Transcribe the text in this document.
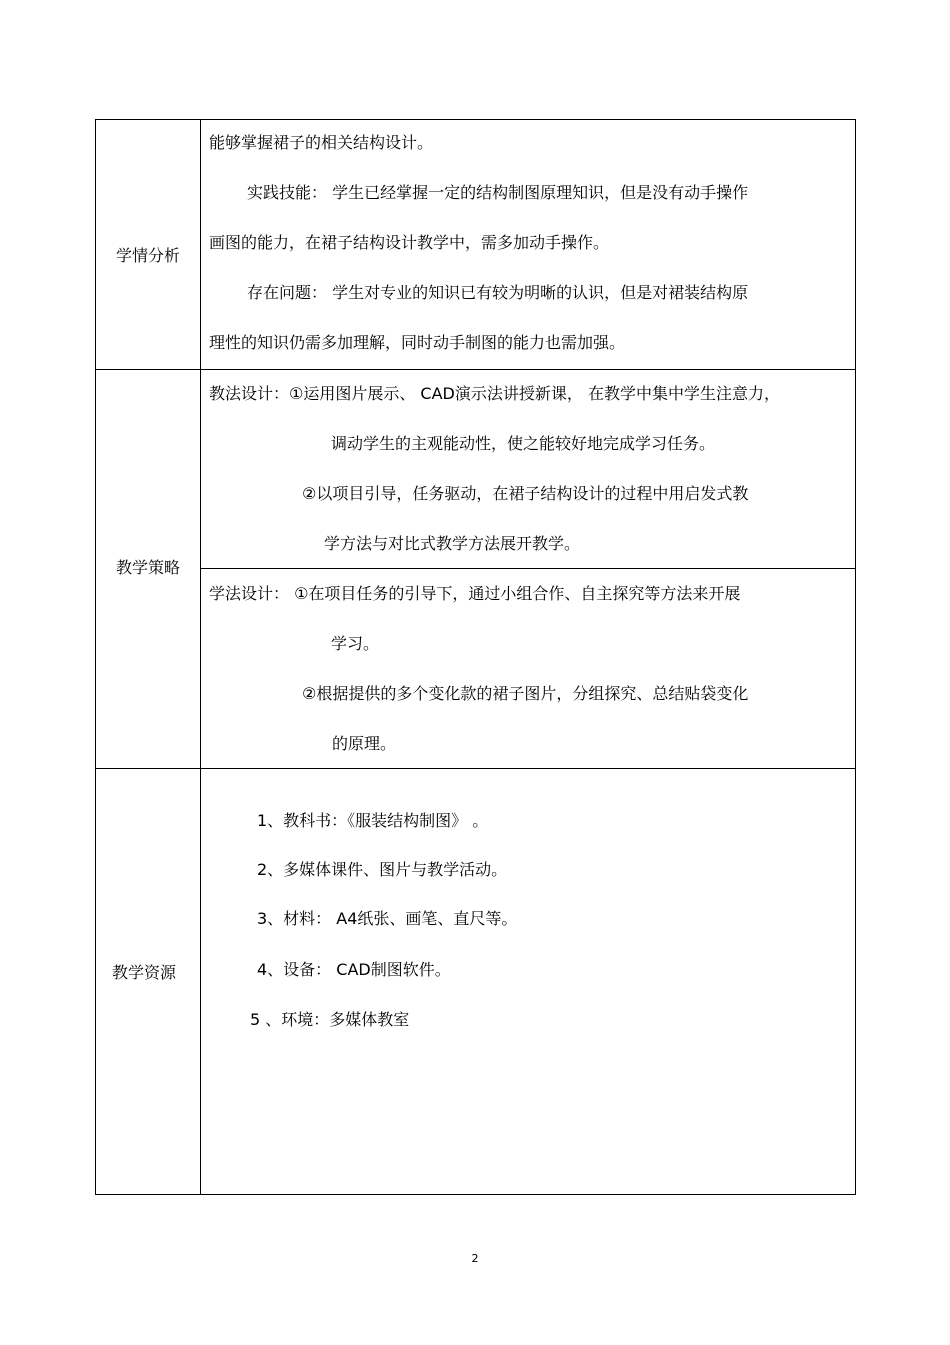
学情分析
能够掌握裙子的相关结构设计。
实践技能： 学生已经掌握一定的结构制图原理知识，但是没有动手操作
画图的能力，在裙子结构设计教学中，需多加动手操作。
存在问题： 学生对专业的知识已有较为明晰的认识，但是对裙装结构原
理性的知识仍需多加理解，同时动手制图的能力也需加强。
教学策略
教法设计：①运用图片展示、 CAD演示法讲授新课， 在教学中集中学生注意力，
调动学生的主观能动性，使之能较好地完成学习任务。
②以项目引导，任务驱动，在裙子结构设计的过程中用启发式教
学方法与对比式教学方法展开教学。
学法设计： ①在项目任务的引导下，通过小组合作、自主探究等方法来开展
学习。
②根据提供的多个变化款的裙子图片，分组探究、总结贴袋变化
的原理。
教学资源
1、教科书：《服装结构制图》 。
2、多媒体课件、图片与教学活动。
3、材料： A4纸张、画笔、直尺等。
4、设备： CAD制图软件。
5 、环境：多媒体教室
2
